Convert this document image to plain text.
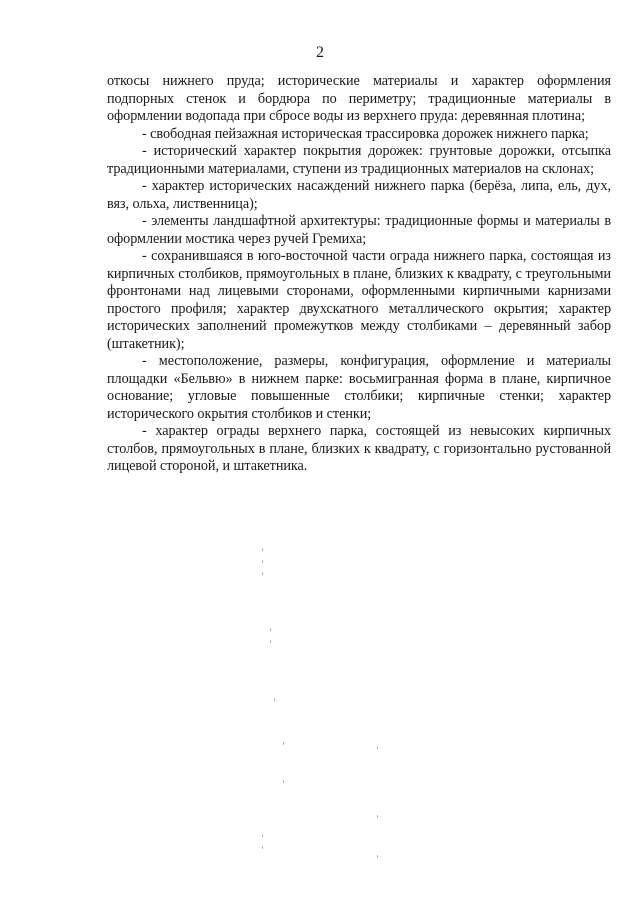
2

откосы нижнего пруда; исторические материалы и характер оформления подпорных стенок и бордюра по периметру; традиционные материалы в оформлении водопада при сбросе воды из верхнего пруда: деревянная плотина;

- свободная пейзажная историческая трассировка дорожек нижнего парка;

- исторический характер покрытия дорожек: грунтовые дорожки, отсыпка традиционными материалами, ступени из традиционных материалов на склонах;

- характер исторических насаждений нижнего парка (берёза, липа, ель, дух, вяз, ольха, лиственница);

- элементы ландшафтной архитектуры: традиционные формы и материалы в оформлении мостика через ручей Гремиха;

- сохранившаяся в юго-восточной части ограда нижнего парка, состоящая из кирпичных столбиков, прямоугольных в плане, близких к квадрату, с треугольными фронтонами над лицевыми сторонами, оформленными кирпичными карнизами простого профиля; характер двухскатного металлического окрытия; характер исторических заполнений промежутков между столбиками – деревянный забор (штакетник);

- местоположение, размеры, конфигурация, оформление и материалы площадки «Бельвю» в нижнем парке: восьмигранная форма в плане, кирпичное основание; угловые повышенные столбики; кирпичные стенки; характер исторического окрытия столбиков и стенки;

- характер ограды верхнего парка, состоящей из невысоких кирпичных столбов, прямоугольных в плане, близких к квадрату, с горизонтально рустованной лицевой стороной, и штакетника.
